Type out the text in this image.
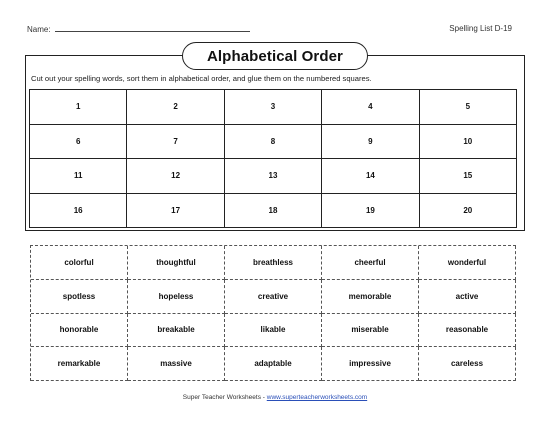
Name:	Spelling List D-19
Alphabetical Order
Cut out your spelling words, sort them in alphabetical order, and glue them on the numbered squares.
1	2	3	4	5
6	7	8	9	10
11	12	13	14	15
16	17	18	19	20
colorful	thoughtful	breathless	cheerful	wonderful
spotless	hopeless	creative	memorable	active
honorable	breakable	likable	miserable	reasonable
remarkable	massive	adaptable	impressive	careless
Super Teacher Worksheets - www.superteacherworksheets.com
